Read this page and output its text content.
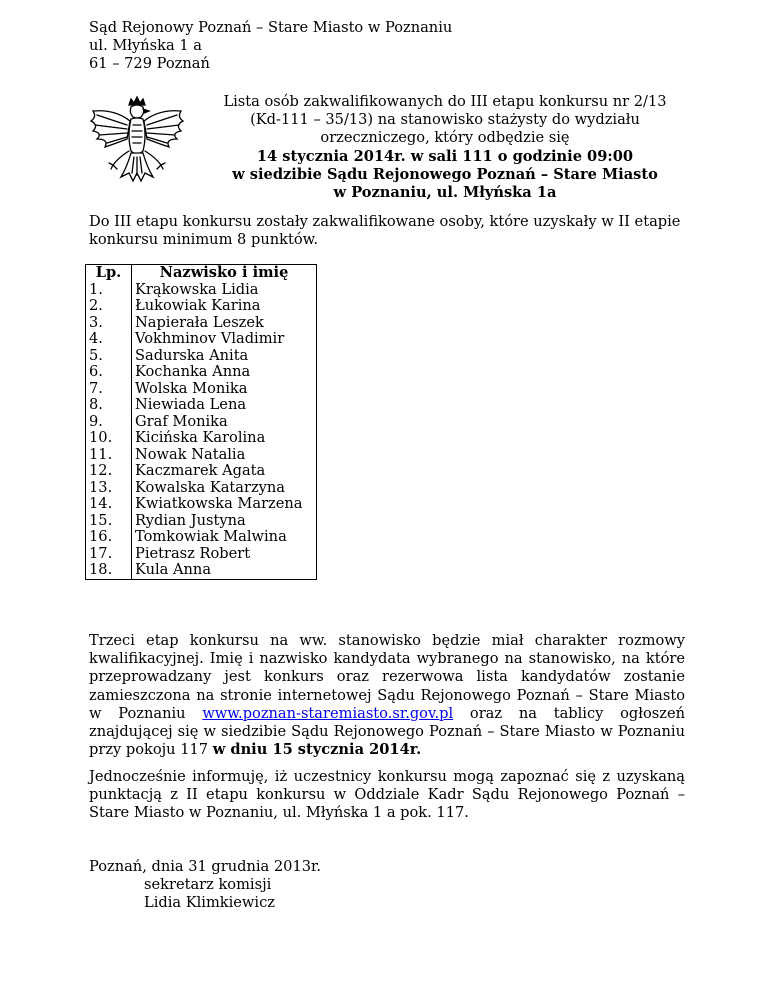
Sąd Rejonowy Poznań – Stare Miasto w Poznaniu
ul. Młyńska 1 a
61 – 729 Poznań
Lista osób zakwalifikowanych do III etapu konkursu nr 2/13
(Kd-111 – 35/13) na stanowisko stażysty do wydziału
orzeczniczego, który odbędzie się
14 stycznia 2014r. w sali 111 o godzinie 09:00
w siedzibie Sądu Rejonowego Poznań – Stare Miasto
w Poznaniu, ul. Młyńska 1a
Do III etapu konkursu zostały zakwalifikowane osoby, które uzyskały w II etapie konkursu minimum 8 punktów.
Lp.	Nazwisko i imię
1.	Krąkowska Lidia
2.	Łukowiak Karina
3.	Napierała Leszek
4.	Vokhminov Vladimir
5.	Sadurska Anita
6.	Kochanka Anna
7.	Wolska Monika
8.	Niewiada Lena
9.	Graf Monika
10.	Kicińska Karolina
11.	Nowak Natalia
12.	Kaczmarek Agata
13.	Kowalska Katarzyna
14.	Kwiatkowska Marzena
15.	Rydian Justyna
16.	Tomkowiak Malwina
17.	Pietrasz Robert
18.	Kula Anna
Trzeci etap konkursu na ww. stanowisko będzie miał charakter rozmowy kwalifikacyjnej. Imię i nazwisko kandydata wybranego na stanowisko, na które przeprowadzany jest konkurs oraz rezerwowa lista kandydatów zostanie zamieszczona na stronie internetowej Sądu Rejonowego Poznań – Stare Miasto w Poznaniu www.poznan-staremiasto.sr.gov.pl oraz na tablicy ogłoszeń znajdującej się w siedzibie Sądu Rejonowego Poznań – Stare Miasto w Poznaniu przy pokoju 117 w dniu 15 stycznia 2014r.
Jednocześnie informuję, iż uczestnicy konkursu mogą zapoznać się z uzyskaną punktacją z II etapu konkursu w Oddziale Kadr Sądu Rejonowego Poznań – Stare Miasto w Poznaniu, ul. Młyńska 1 a pok. 117.
Poznań, dnia 31 grudnia 2013r.
sekretarz komisji
Lidia Klimkiewicz
